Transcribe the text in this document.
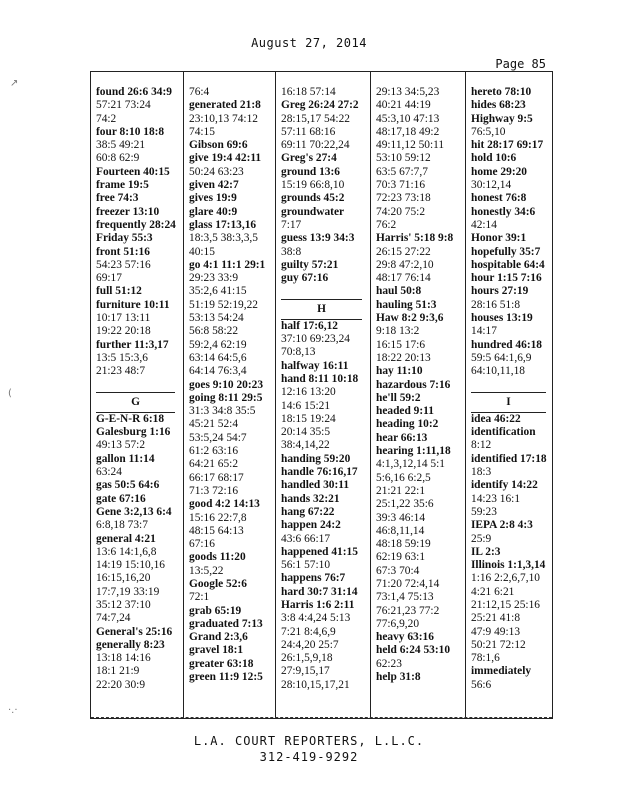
August 27, 2014
Page 85
found 26:6 34:9
57:21 73:24
74:2
four 8:10 18:8
38:5 49:21
60:8 62:9
Fourteen 40:15
frame 19:5
free 74:3
freezer 13:10
frequently 28:24
Friday 55:3
front 51:16
54:23 57:16
69:17
full 51:12
furniture 10:11
10:17 13:11
19:22 20:18
further 11:3,17
13:5 15:3,6
21:23 48:7
G
G-E-N-R 6:18
Galesburg 1:16
49:13 57:2
gallon 11:14
63:24
gas 50:5 64:6
gate 67:16
Gene 3:2,13 6:4
6:8,18 73:7
general 4:21
13:6 14:1,6,8
14:19 15:10,16
16:15,16,20
17:7,19 33:19
35:12 37:10
74:7,24
General's 25:16
generally 8:23
13:18 14:16
18:1 21:9
22:20 30:9
76:4
generated 21:8
23:10,13 74:12
74:15
Gibson 69:6
give 19:4 42:11
50:24 63:23
given 42:7
gives 19:9
glare 40:9
glass 17:13,16
18:3,5 38:3,3,5
40:15
go 4:1 11:1 29:1
29:23 33:9
35:2,6 41:15
51:19 52:19,22
53:13 54:24
56:8 58:22
59:2,4 62:19
63:14 64:5,6
64:14 76:3,4
goes 9:10 20:23
going 8:11 29:5
31:3 34:8 35:5
45:21 52:4
53:5,24 54:7
61:2 63:16
64:21 65:2
66:17 68:17
71:3 72:16
good 4:2 14:13
15:16 22:7,8
48:15 64:13
67:16
goods 11:20
13:5,22
Google 52:6
72:1
grab 65:19
graduated 7:13
Grand 2:3,6
gravel 18:1
greater 63:18
green 11:9 12:5
16:18 57:14
Greg 26:24 27:2
28:15,17 54:22
57:11 68:16
69:11 70:22,24
Greg's 27:4
ground 13:6
15:19 66:8,10
grounds 45:2
groundwater
7:17
guess 13:9 34:3
38:8
guilty 57:21
guy 67:16
H
half 17:6,12
37:10 69:23,24
70:8,13
halfway 16:11
hand 8:11 10:18
12:16 13:20
14:6 15:21
18:15 19:24
20:14 35:5
38:4,14,22
handing 59:20
handle 76:16,17
handled 30:11
hands 32:21
hang 67:22
happen 24:2
43:6 66:17
happened 41:15
56:1 57:10
happens 76:7
hard 30:7 31:14
Harris 1:6 2:11
3:8 4:4,24 5:13
7:21 8:4,6,9
24:4,20 25:7
26:1,5,9,18
27:9,15,17
28:10,15,17,21
29:13 34:5,23
40:21 44:19
45:3,10 47:13
48:17,18 49:2
49:11,12 50:11
53:10 59:12
63:5 67:7,7
70:3 71:16
72:23 73:18
74:20 75:2
76:2
Harris' 5:18 9:8
26:15 27:22
29:8 47:2,10
48:17 76:14
haul 50:8
hauling 51:3
Haw 8:2 9:3,6
9:18 13:2
16:15 17:6
18:22 20:13
hay 11:10
hazardous 7:16
he'll 59:2
headed 9:11
heading 10:2
hear 66:13
hearing 1:11,18
4:1,3,12,14 5:1
5:6,16 6:2,5
21:21 22:1
25:1,22 35:6
39:3 46:14
46:8,11,14
48:18 59:19
62:19 63:1
67:3 70:4
71:20 72:4,14
73:1,4 75:13
76:21,23 77:2
77:6,9,20
heavy 63:16
held 6:24 53:10
62:23
help 31:8
hereto 78:10
hides 68:23
Highway 9:5
76:5,10
hit 28:17 69:17
hold 10:6
home 29:20
30:12,14
honest 76:8
honestly 34:6
42:14
Honor 39:1
hopefully 35:7
hospitable 64:4
hour 1:15 7:16
hours 27:19
28:16 51:8
houses 13:19
14:17
hundred 46:18
59:5 64:1,6,9
64:10,11,18
I
idea 46:22
identification
8:12
identified 17:18
18:3
identify 14:22
14:23 16:1
59:23
IEPA 2:8 4:3
25:9
IL 2:3
Illinois 1:1,3,14
1:16 2:2,6,7,10
4:21 6:21
21:12,15 25:16
25:21 41:8
47:9 49:13
50:21 72:12
78:1,6
immediately
56:6
L.A. COURT REPORTERS, L.L.C.
312-419-9292
↗
(
·.·
